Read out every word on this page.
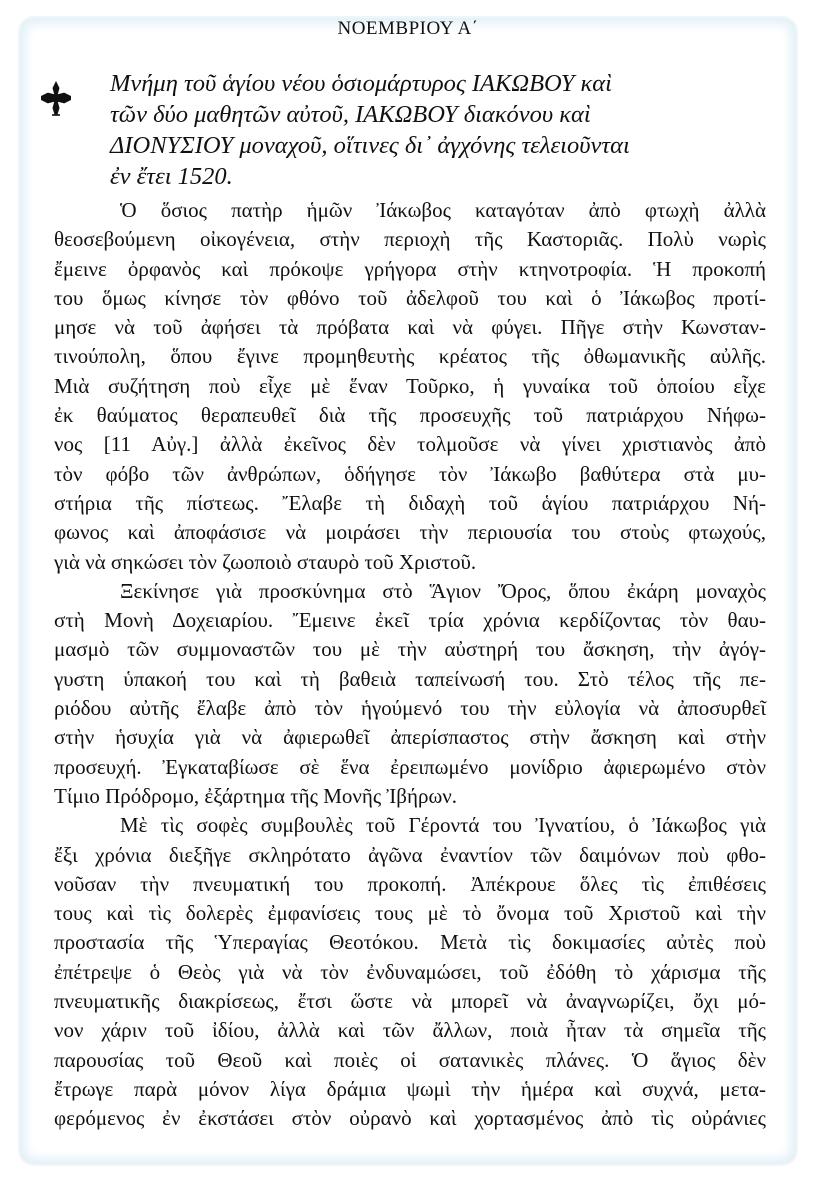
ΝΟΕΜΒΡΙΟΥ Α΄
Μνήμη τοῦ ἁγίου νέου ὁσιομάρτυρος ΙΑΚΩΒΟΥ καὶ
τῶν δύο μαθητῶν αὐτοῦ, ΙΑΚΩΒΟΥ διακόνου καὶ
ΔΙΟΝΥΣΙΟΥ μοναχοῦ, οἵτινες δι᾽ ἀγχόνης τελειοῦνται
ἐν ἔτει 1520.
Ὁ ὅσιος πατὴρ ἡμῶν Ἰάκωβος καταγόταν ἀπὸ φτωχὴ ἀλλὰ
θεοσεβούμενη οἰκογένεια, στὴν περιοχὴ τῆς Καστοριᾶς. Πολὺ νωρὶς
ἔμεινε ὀρφανὸς καὶ πρόκοψε γρήγορα στὴν κτηνοτροφία. Ἡ προκοπή
του ὅμως κίνησε τὸν φθόνο τοῦ ἀδελφοῦ του καὶ ὁ Ἰάκωβος προτί-
μησε νὰ τοῦ ἀφήσει τὰ πρόβατα καὶ νὰ φύγει. Πῆγε στὴν Κωνσταν-
τινούπολη, ὅπου ἔγινε προμηθευτὴς κρέατος τῆς ὀθωμανικῆς αὐλῆς.
Μιὰ συζήτηση ποὺ εἶχε μὲ ἕναν Τοῦρκο, ἡ γυναίκα τοῦ ὁποίου εἶχε
ἐκ θαύματος θεραπευθεῖ διὰ τῆς προσευχῆς τοῦ πατριάρχου Νήφω-
νος [11 Αὐγ.] ἀλλὰ ἐκεῖνος δὲν τολμοῦσε νὰ γίνει χριστιανὸς ἀπὸ
τὸν φόβο τῶν ἀνθρώπων, ὁδήγησε τὸν Ἰάκωβο βαθύτερα στὰ μυ-
στήρια τῆς πίστεως. Ἔλαβε τὴ διδαχὴ τοῦ ἁγίου πατριάρχου Νή-
φωνος καὶ ἀποφάσισε νὰ μοιράσει τὴν περιουσία του στοὺς φτωχούς,
γιὰ νὰ σηκώσει τὸν ζωοποιὸ σταυρὸ τοῦ Χριστοῦ.
Ξεκίνησε γιὰ προσκύνημα στὸ Ἅγιον Ὄρος, ὅπου ἐκάρη μοναχὸς
στὴ Μονὴ Δοχειαρίου. Ἔμεινε ἐκεῖ τρία χρόνια κερδίζοντας τὸν θαυ-
μασμὸ τῶν συμμοναστῶν του μὲ τὴν αὐστηρή του ἄσκηση, τὴν ἀγόγ-
γυστη ὑπακοή του καὶ τὴ βαθειὰ ταπείνωσή του. Στὸ τέλος τῆς πε-
ριόδου αὐτῆς ἔλαβε ἀπὸ τὸν ἡγούμενό του τὴν εὐλογία νὰ ἀποσυρθεῖ
στὴν ἡσυχία γιὰ νὰ ἀφιερωθεῖ ἀπερίσπαστος στὴν ἄσκηση καὶ στὴν
προσευχή. Ἐγκαταβίωσε σὲ ἕνα ἐρειπωμένο μονίδριο ἀφιερωμένο στὸν
Τίμιο Πρόδρομο, ἐξάρτημα τῆς Μονῆς Ἰβήρων.
Μὲ τὶς σοφὲς συμβουλὲς τοῦ Γέροντά του Ἰγνατίου, ὁ Ἰάκωβος γιὰ
ἔξι χρόνια διεξῆγε σκληρότατο ἀγῶνα ἐναντίον τῶν δαιμόνων ποὺ φθο-
νοῦσαν τὴν πνευματική του προκοπή. Ἀπέκρουε ὅλες τὶς ἐπιθέσεις
τους καὶ τὶς δολερὲς ἐμφανίσεις τους μὲ τὸ ὄνομα τοῦ Χριστοῦ καὶ τὴν
προστασία τῆς Ὑπεραγίας Θεοτόκου. Μετὰ τὶς δοκιμασίες αὐτὲς ποὺ
ἐπέτρεψε ὁ Θεὸς γιὰ νὰ τὸν ἐνδυναμώσει, τοῦ ἐδόθη τὸ χάρισμα τῆς
πνευματικῆς διακρίσεως, ἔτσι ὥστε νὰ μπορεῖ νὰ ἀναγνωρίζει, ὄχι μό-
νον χάριν τοῦ ἰδίου, ἀλλὰ καὶ τῶν ἄλλων, ποιὰ ἦταν τὰ σημεῖα τῆς
παρουσίας τοῦ Θεοῦ καὶ ποιὲς οἱ σατανικὲς πλάνες. Ὁ ἅγιος δὲν
ἔτρωγε παρὰ μόνον λίγα δράμια ψωμὶ τὴν ἡμέρα καὶ συχνά, μετα-
φερόμενος ἐν ἐκστάσει στὸν οὐρανὸ καὶ χορτασμένος ἀπὸ τὶς οὐράνιες
